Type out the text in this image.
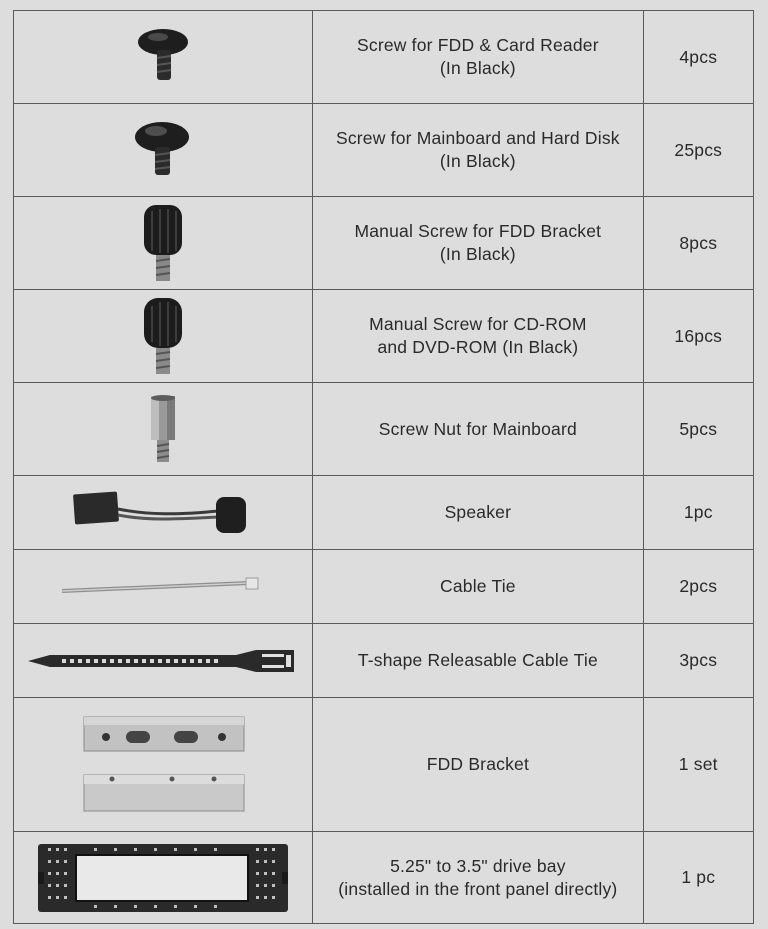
Screw for FDD & Card Reader
(In Black)	4pcs

Screw for Mainboard and Hard Disk
(In Black)	25pcs

Manual Screw for FDD Bracket
(In Black)	8pcs

Manual Screw for CD-ROM
and DVD-ROM (In Black)	16pcs

Screw Nut for Mainboard	5pcs

Speaker	1pc

Cable Tie	2pcs

T-shape Releasable Cable Tie	3pcs

FDD Bracket	1 set

5.25" to 3.5" drive bay
(installed in the front panel directly)	1 pc
